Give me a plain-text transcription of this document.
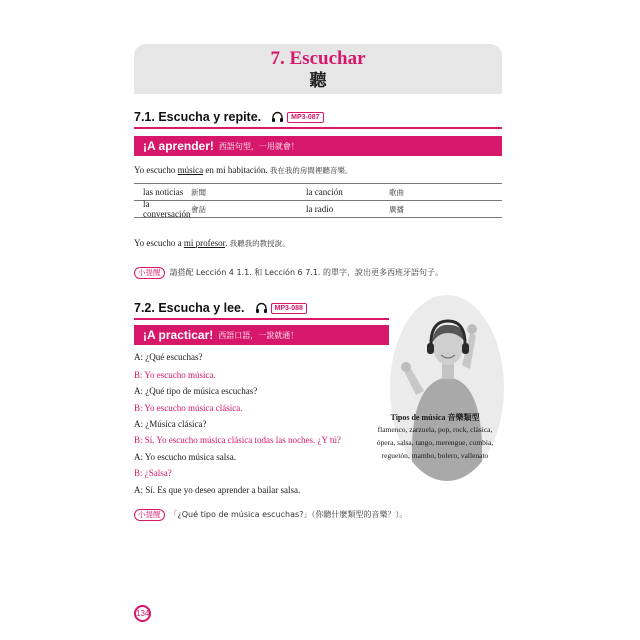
7. Escuchar
聽
7.1. Escucha y repite.	MP3-087
¡A aprender! 西語句型，一用就會！
Yo escucho música en mi habitación. 我在我的房間裡聽音樂。
las noticias	新聞	la canción	歌曲
la conversación 會話	la radio	廣播
Yo escucho a mi profesor. 我聽我的教授說。
小提醒 請搭配 Lección 4 1.1. 和 Lección 6 7.1. 的單字，說出更多西班牙語句子。
7.2. Escucha y lee.	MP3-088
¡A practicar! 西語口語，一說就通！
A: ¿Qué escuchas?
B: Yo escucho música.
A: ¿Qué tipo de música escuchas?
B: Yo escucho música clásica.
A: ¿Música clásica?
B: Sí. Yo escucho música clásica todas las noches. ¿Y tú?
A: Yo escucho música salsa.
B: ¿Salsa?
A: Sí. Es que yo deseo aprender a bailar salsa.
小提醒 「¿Qué tipo de música escuchas?」（你聽什麼類型的音樂？）。
Tipos de música 音樂類型
flamenco, zarzuela, pop, rock, clásica,
ópera, salsa, tango, merengue, cumbia,
reguetón, mambo, bolero, vallenato
134
